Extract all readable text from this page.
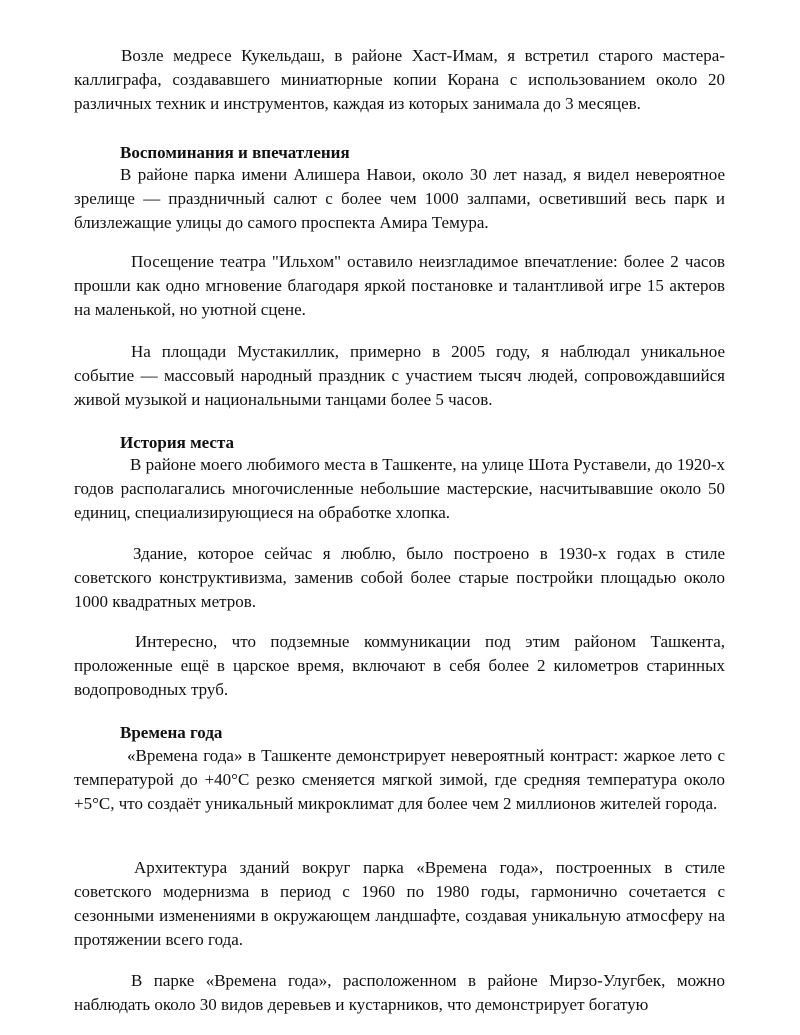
Возле медресе Кукельдаш, в районе Хаст-Имам, я встретил старого мастера-каллиграфа, создававшего миниатюрные копии Корана с использованием около 20 различных техник и инструментов, каждая из которых занимала до 3 месяцев.

Воспоминания и впечатления

В районе парка имени Алишера Навои, около 30 лет назад, я видел невероятное зрелище — праздничный салют с более чем 1000 залпами, осветивший весь парк и близлежащие улицы до самого проспекта Амира Темура.

Посещение театра "Ильхом" оставило неизгладимое впечатление: более 2 часов прошли как одно мгновение благодаря яркой постановке и талантливой игре 15 актеров на маленькой, но уютной сцене.

На площади Мустакиллик, примерно в 2005 году, я наблюдал уникальное событие — массовый народный праздник с участием тысяч людей, сопровождавшийся живой музыкой и национальными танцами более 5 часов.

История места

В районе моего любимого места в Ташкенте, на улице Шота Руставели, до 1920-х годов располагались многочисленные небольшие мастерские, насчитывавшие около 50 единиц, специализирующиеся на обработке хлопка.

Здание, которое сейчас я люблю, было построено в 1930-х годах в стиле советского конструктивизма, заменив собой более старые постройки площадью около 1000 квадратных метров.

Интересно, что подземные коммуникации под этим районом Ташкента, проложенные ещё в царское время, включают в себя более 2 километров старинных водопроводных труб.

Времена года

«Времена года» в Ташкенте демонстрирует невероятный контраст: жаркое лето с температурой до +40°C резко сменяется мягкой зимой, где средняя температура около +5°C, что создаёт уникальный микроклимат для более чем 2 миллионов жителей города.

Архитектура зданий вокруг парка «Времена года», построенных в стиле советского модернизма в период с 1960 по 1980 годы, гармонично сочетается с сезонными изменениями в окружающем ландшафте, создавая уникальную атмосферу на протяжении всего года.

В парке «Времена года», расположенном в районе Мирзо-Улугбек, можно наблюдать около 30 видов деревьев и кустарников, что демонстрирует богатую
